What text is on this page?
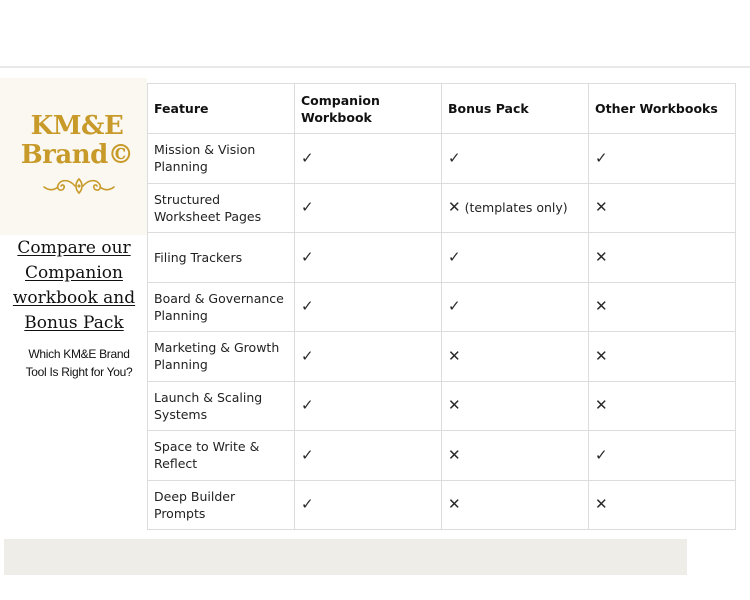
KM&E
Brand©
Compare our
Companion
workbook and
Bonus Pack
Which KM&E Brand
Tool Is Right for You?
Feature	Companion Workbook	Bonus Pack	Other Workbooks
Mission & Vision Planning	✓	✓	✓
Structured Worksheet Pages	✓	✕ (templates only)	✕
Filing Trackers	✓	✓	✕
Board & Governance Planning	✓	✓	✕
Marketing & Growth Planning	✓	✕	✕
Launch & Scaling Systems	✓	✕	✕
Space to Write & Reflect	✓	✕	✓
Deep Builder Prompts	✓	✕	✕
